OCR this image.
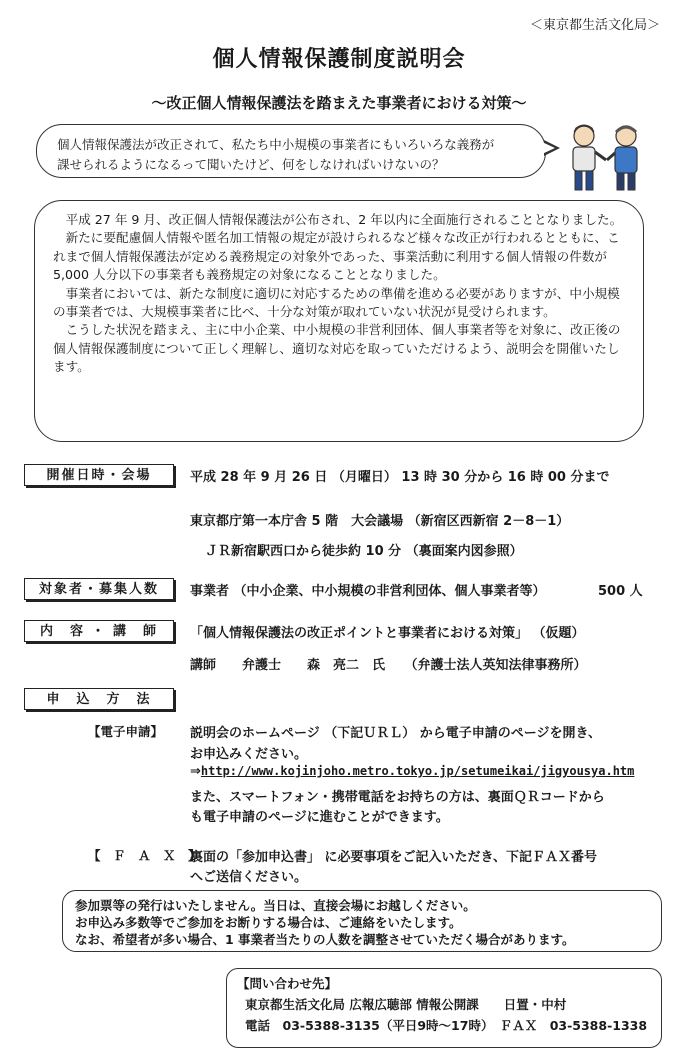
＜東京都生活文化局＞
個人情報保護制度説明会
～改正個人情報保護法を踏まえた事業者における対策～
個人情報保護法が改正されて、私たち中小規模の事業者にもいろいろな義務が
課せられるようになるって聞いたけど、何をしなければいけないの？

平成 27 年 9 月、改正個人情報保護法が公布され、2 年以内に全面施行されることとなりました。

新たに要配慮個人情報や匿名加工情報の規定が設けられるなど様々な改正が行われるとともに、これまで個人情報保護法が定める義務規定の対象外であった、事業活動に利用する個人情報の件数が 5,000 人分以下の事業者も義務規定の対象になることとなりました。

事業者においては、新たな制度に適切に対応するための準備を進める必要がありますが、中小規模の事業者では、大規模事業者に比べ、十分な対策が取れていない状況が見受けられます。

こうした状況を踏まえ、主に中小企業、中小規模の非営利団体、個人事業者等を対象に、改正後の個人情報保護制度について正しく理解し、適切な対応を取っていただけるよう、説明会を開催いたします。

開催日時・会場	平成 28 年 9 月 26 日 （月曜日） 13 時 30 分から 16 時 00 分まで
東京都庁第一本庁舎 5 階　大会議場 （新宿区西新宿 2－8－1）
ＪＲ新宿駅西口から徒歩約 10 分 （裏面案内図参照）
対象者・募集人数	事業者 （中小企業、中小規模の非営利団体、個人事業者等）	500 人
内　容 ・ 講　師	「個人情報保護法の改正ポイントと事業者における対策」 （仮題）
講師　　弁護士　　森　亮二　氏　　（弁護士法人英知法律事務所）
申　込　方　法
【電子申請】 説明会のホームページ （下記ＵＲＬ） から電子申請のページを開き、
お申込みください。
⇒http://www.kojinjoho.metro.tokyo.jp/setumeikai/jigyousya.htm
また、スマートフォン・携帯電話をお持ちの方は、裏面ＱＲコードから
も電子申請のページに進むことができます。
【　Ｆ　Ａ　Ｘ　】
裏面の「参加申込書」 に必要事項をご記入いただき、下記ＦＡＸ番号
へご送信ください。
参加票等の発行はいたしません。当日は、直接会場にお越しください。
お申込み多数等でご参加をお断りする場合は、ご連絡をいたします。
なお、希望者が多い場合、1 事業者当たりの人数を調整させていただく場合があります。
【問い合わせ先】
東京都生活文化局 広報広聴部 情報公開課　　日置・中村
電話　03-5388-3135（平日9時～17時）　ＦＡＸ　03-5388-1338
